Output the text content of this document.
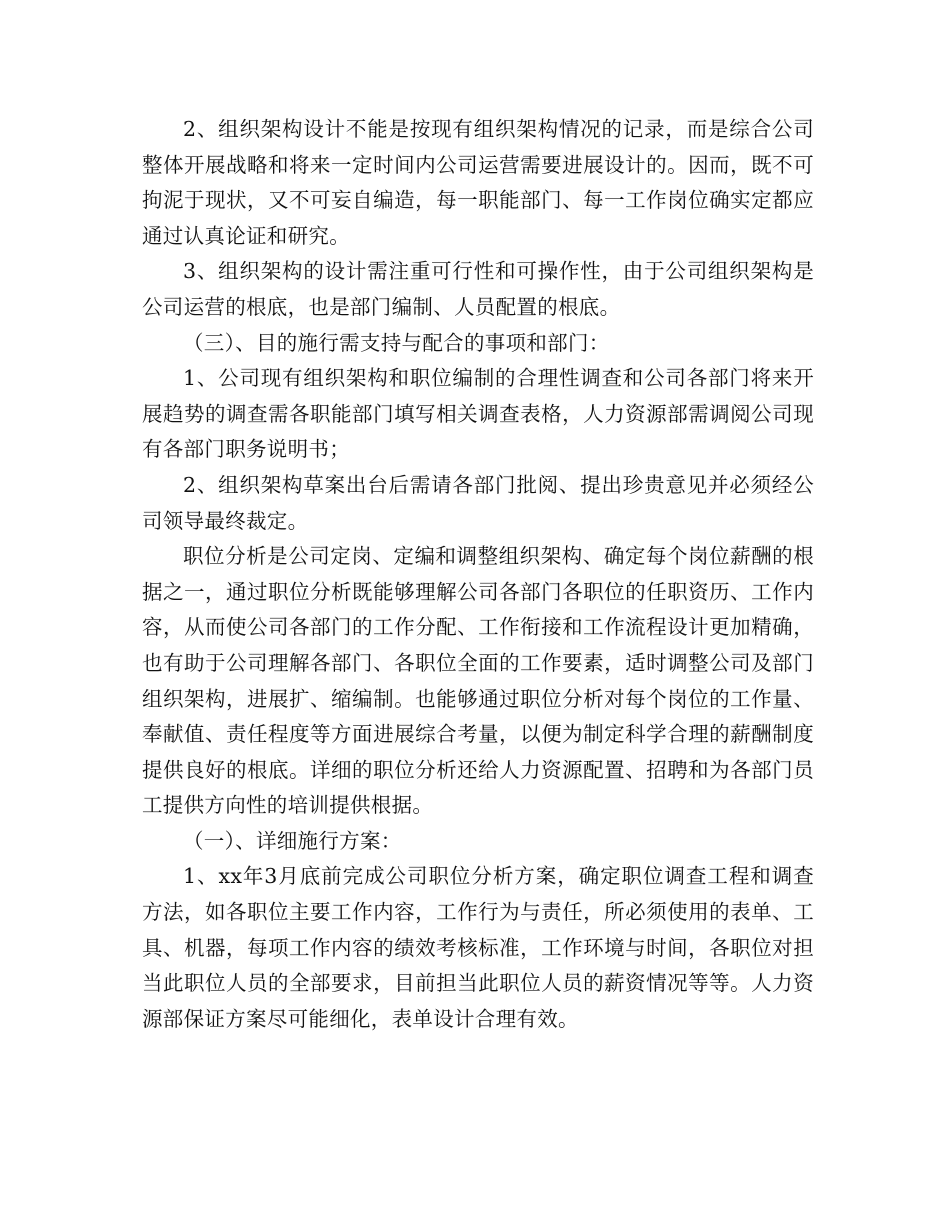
2、组织架构设计不能是按现有组织架构情况的记录，而是综合公司整体开展战略和将来一定时间内公司运营需要进展设计的。因而，既不可拘泥于现状，又不可妄自编造，每一职能部门、每一工作岗位确实定都应通过认真论证和研究。

3、组织架构的设计需注重可行性和可操作性，由于公司组织架构是公司运营的根底，也是部门编制、人员配置的根底。

（三）、目的施行需支持与配合的事项和部门：

1、公司现有组织架构和职位编制的合理性调查和公司各部门将来开展趋势的调查需各职能部门填写相关调查表格，人力资源部需调阅公司现有各部门职务说明书；

2、组织架构草案出台后需请各部门批阅、提出珍贵意见并必须经公司领导最终裁定。

职位分析是公司定岗、定编和调整组织架构、确定每个岗位薪酬的根据之一，通过职位分析既能够理解公司各部门各职位的任职资历、工作内容，从而使公司各部门的工作分配、工作衔接和工作流程设计更加精确，也有助于公司理解各部门、各职位全面的工作要素，适时调整公司及部门组织架构，进展扩、缩编制。也能够通过职位分析对每个岗位的工作量、奉献值、责任程度等方面进展综合考量，以便为制定科学合理的薪酬制度提供良好的根底。详细的职位分析还给人力资源配置、招聘和为各部门员工提供方向性的培训提供根据。

（一）、详细施行方案：

1、xx年3月底前完成公司职位分析方案，确定职位调查工程和调查方法，如各职位主要工作内容，工作行为与责任，所必须使用的表单、工具、机器，每项工作内容的绩效考核标准，工作环境与时间，各职位对担当此职位人员的全部要求，目前担当此职位人员的薪资情况等等。人力资源部保证方案尽可能细化，表单设计合理有效。
